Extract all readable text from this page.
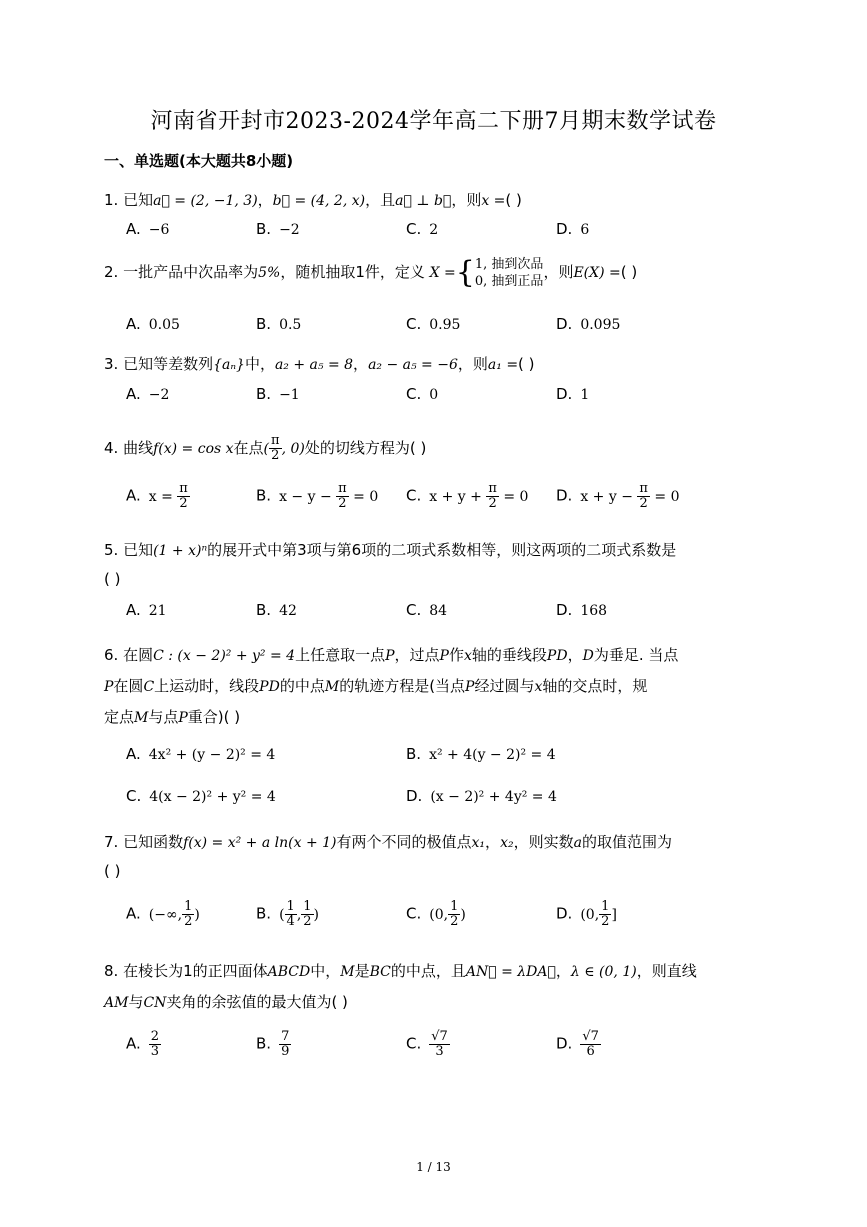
河南省开封市2023-2024学年高二下册7月期末数学试卷
一、单选题(本大题共8小题)
1. 已知a⃗ = (2, −1, 3)，b⃗ = (4, 2, x)，且a⃗ ⊥ b⃗，则x =( )
A. −6	B. −2	C. 2	D. 6
2. 一批产品中次品率为5%，随机抽取1件，定义 X ={ 1, 抽到次品
0, 抽到正品 ，则E(X) =( )
A. 0.05	B. 0.5	C. 0.95	D. 0.095
3. 已知等差数列{aₙ}中，a₂ + a₅ = 8，a₂ − a₅ = −6，则a₁ =( )
A. −2	B. −1	C. 0	D. 1
4. 曲线f(x) = cos x在点( $\frac{\pi}{2}$ , 0)处的切线方程为( )
A. $x = \frac{\pi}{2}$	B. $x - y - \frac{\pi}{2} = 0$ C. $x + y + \frac{\pi}{2} = 0$ D. $x + y - \frac{\pi}{2} = 0$
5. 已知(1 + x)ⁿ的展开式中第3项与第6项的二项式系数相等，则这两项的二项式系数是
( )
A. 21	B. 42	C. 84	D. 168
6. 在圆C : (x − 2)² + y² = 4上任意取一点P，过点P作x轴的垂线段PD，D为垂足. 当点
P在圆C上运动时，线段PD的中点M的轨迹方程是(当点P经过圆与x轴的交点时，规
定点M与点P重合)( )
A. 4x² + (y − 2)² = 4	B. x² + 4(y − 2)² = 4
C. 4(x − 2)² + y² = 4	D. (x − 2)² + 4y² = 4
7. 已知函数f(x) = x² + a ln(x + 1)有两个不同的极值点x₁，x₂，则实数a的取值范围为
( )
A. (−∞, $\frac{1}{2}$ )	B. ( $\frac{1}{4}$ , $\frac{1}{2}$ )	C. (0, $\frac{1}{2}$ )	D. (0, $\frac{1}{2}$ ]
8. 在棱长为1的正四面体ABCD中，M是BC的中点，且AN⃗ = λDA⃗，λ ∈ (0, 1)，则直线
AM与CN夹角的余弦值的最大值为( )
A. $\frac{2}{3}$	B. $\frac{7}{9}$	C. $\frac{√7}{3}$	D. $\frac{√7}{6}$
1 / 13
